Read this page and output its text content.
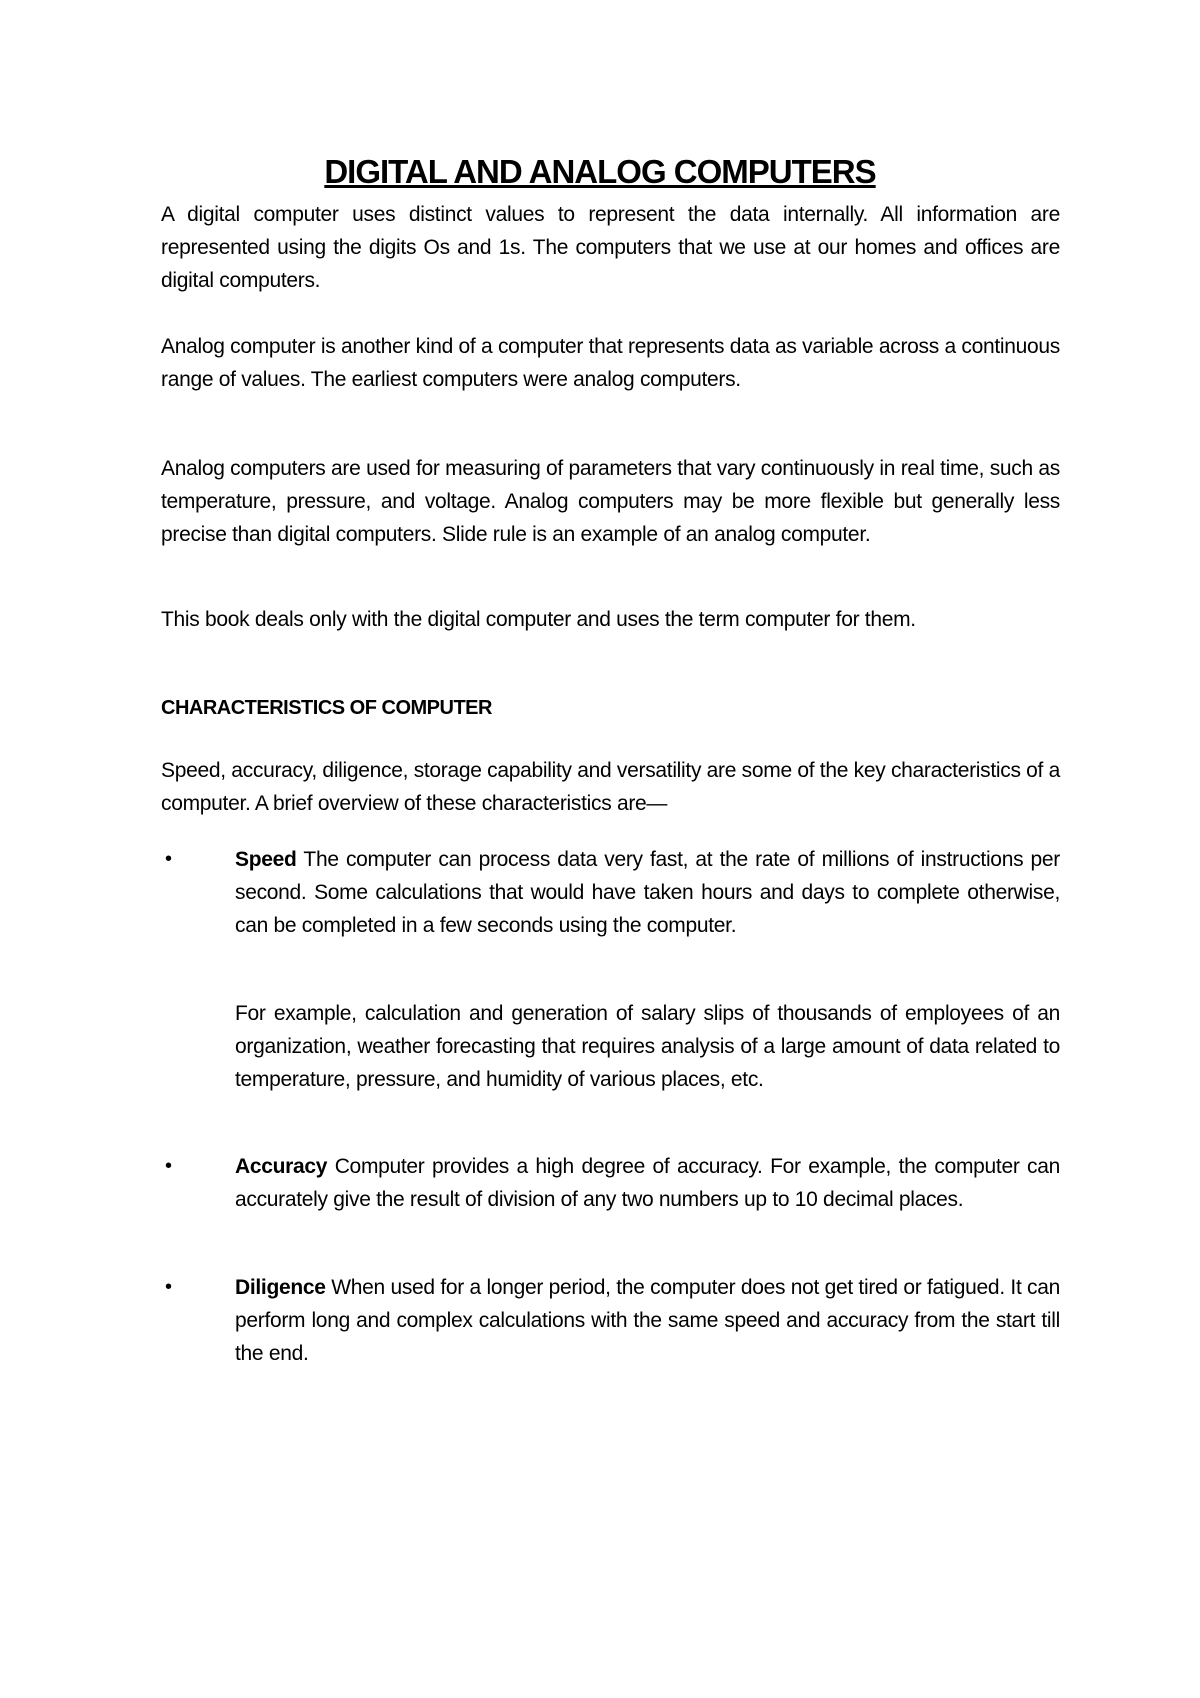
DIGITAL AND ANALOG COMPUTERS

A digital computer uses distinct values to represent the data internally. All information are represented using the digits Os and 1s. The computers that we use at our homes and offices are digital computers.

Analog computer is another kind of a computer that represents data as variable across a continuous range of values. The earliest computers were analog computers.

Analog computers are used for measuring of parameters that vary continuously in real time, such as temperature, pressure, and voltage. Analog computers may be more flexible but generally less precise than digital computers. Slide rule is an example of an analog computer.

This book deals only with the digital computer and uses the term computer for them.

CHARACTERISTICS OF COMPUTER

Speed, accuracy, diligence, storage capability and versatility are some of the key characteristics of a computer. A brief overview of these characteristics are—

•	Speed The computer can process data very fast, at the rate of millions of instructions per second. Some calculations that would have taken hours and days to complete otherwise, can be completed in a few seconds using the computer.
For example, calculation and generation of salary slips of thousands of employees of an organization, weather forecasting that requires analysis of a large amount of data related to temperature, pressure, and humidity of various places, etc.
•	Accuracy Computer provides a high degree of accuracy. For example, the computer can accurately give the result of division of any two numbers up to 10 decimal places.
•	Diligence When used for a longer period, the computer does not get tired or fatigued. It can perform long and complex calculations with the same speed and accuracy from the start till the end.
